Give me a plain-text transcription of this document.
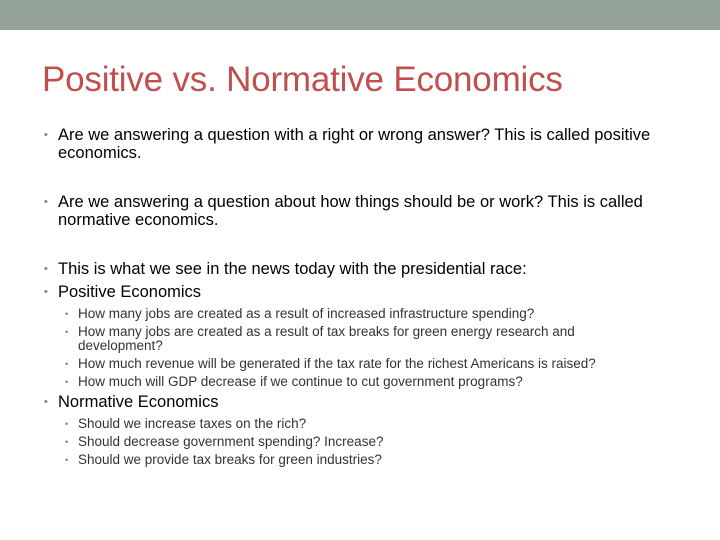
Positive vs. Normative Economics
• Are we answering a question with a right or wrong answer? This is called positive economics.
• Are we answering a question about how things should be or work? This is called normative economics.
• This is what we see in the news today with the presidential race:
• Positive Economics
• How many jobs are created as a result of increased infrastructure spending?
• How many jobs are created as a result of tax breaks for green energy research and development?
• How much revenue will be generated if the tax rate for the richest Americans is raised?
• How much will GDP decrease if we continue to cut government programs?
• Normative Economics
• Should we increase taxes on the rich?
• Should decrease government spending? Increase?
• Should we provide tax breaks for green industries?
